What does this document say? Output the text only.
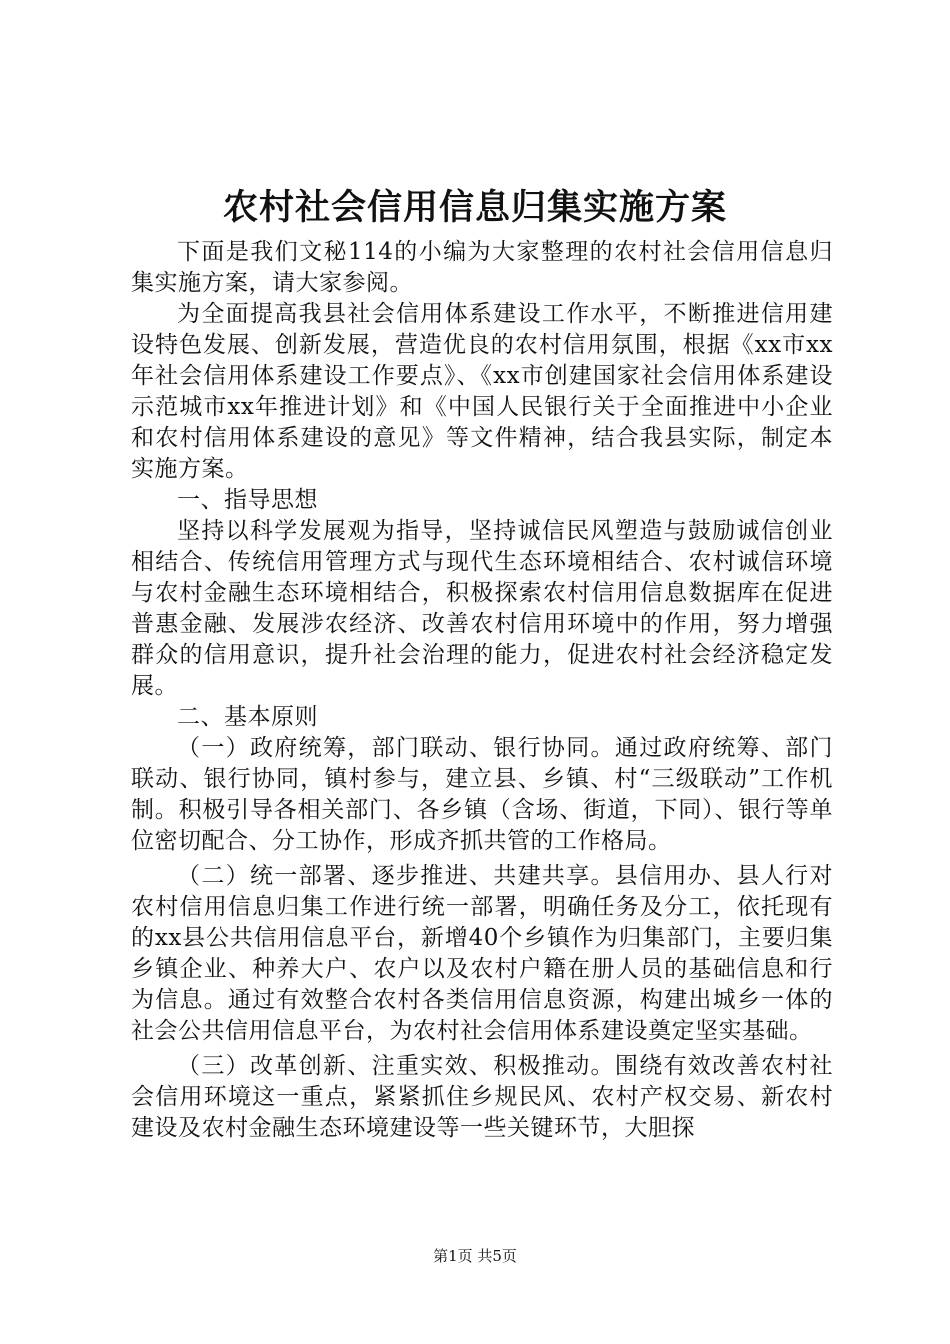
农村社会信用信息归集实施方案

下面是我们文秘114的小编为大家整理的农村社会信用信息归集实施方案，请大家参阅。

为全面提高我县社会信用体系建设工作水平，不断推进信用建设特色发展、创新发展，营造优良的农村信用氛围，根据《xx市xx年社会信用体系建设工作要点》、《xx市创建国家社会信用体系建设示范城市xx年推进计划》和《中国人民银行关于全面推进中小企业和农村信用体系建设的意见》等文件精神，结合我县实际，制定本实施方案。

一、指导思想

坚持以科学发展观为指导，坚持诚信民风塑造与鼓励诚信创业相结合、传统信用管理方式与现代生态环境相结合、农村诚信环境与农村金融生态环境相结合，积极探索农村信用信息数据库在促进普惠金融、发展涉农经济、改善农村信用环境中的作用，努力增强群众的信用意识，提升社会治理的能力，促进农村社会经济稳定发展。

二、基本原则

（一）政府统筹，部门联动、银行协同。通过政府统筹、部门联动、银行协同，镇村参与，建立县、乡镇、村“三级联动”工作机制。积极引导各相关部门、各乡镇（含场、街道，下同）、银行等单位密切配合、分工协作，形成齐抓共管的工作格局。

（二）统一部署、逐步推进、共建共享。县信用办、县人行对农村信用信息归集工作进行统一部署，明确任务及分工，依托现有的xx县公共信用信息平台，新增40个乡镇作为归集部门，主要归集乡镇企业、种养大户、农户以及农村户籍在册人员的基础信息和行为信息。通过有效整合农村各类信用信息资源，构建出城乡一体的社会公共信用信息平台，为农村社会信用体系建设奠定坚实基础。

（三）改革创新、注重实效、积极推动。围绕有效改善农村社会信用环境这一重点，紧紧抓住乡规民风、农村产权交易、新农村建设及农村金融生态环境建设等一些关键环节，大胆探

第1页 共5页
